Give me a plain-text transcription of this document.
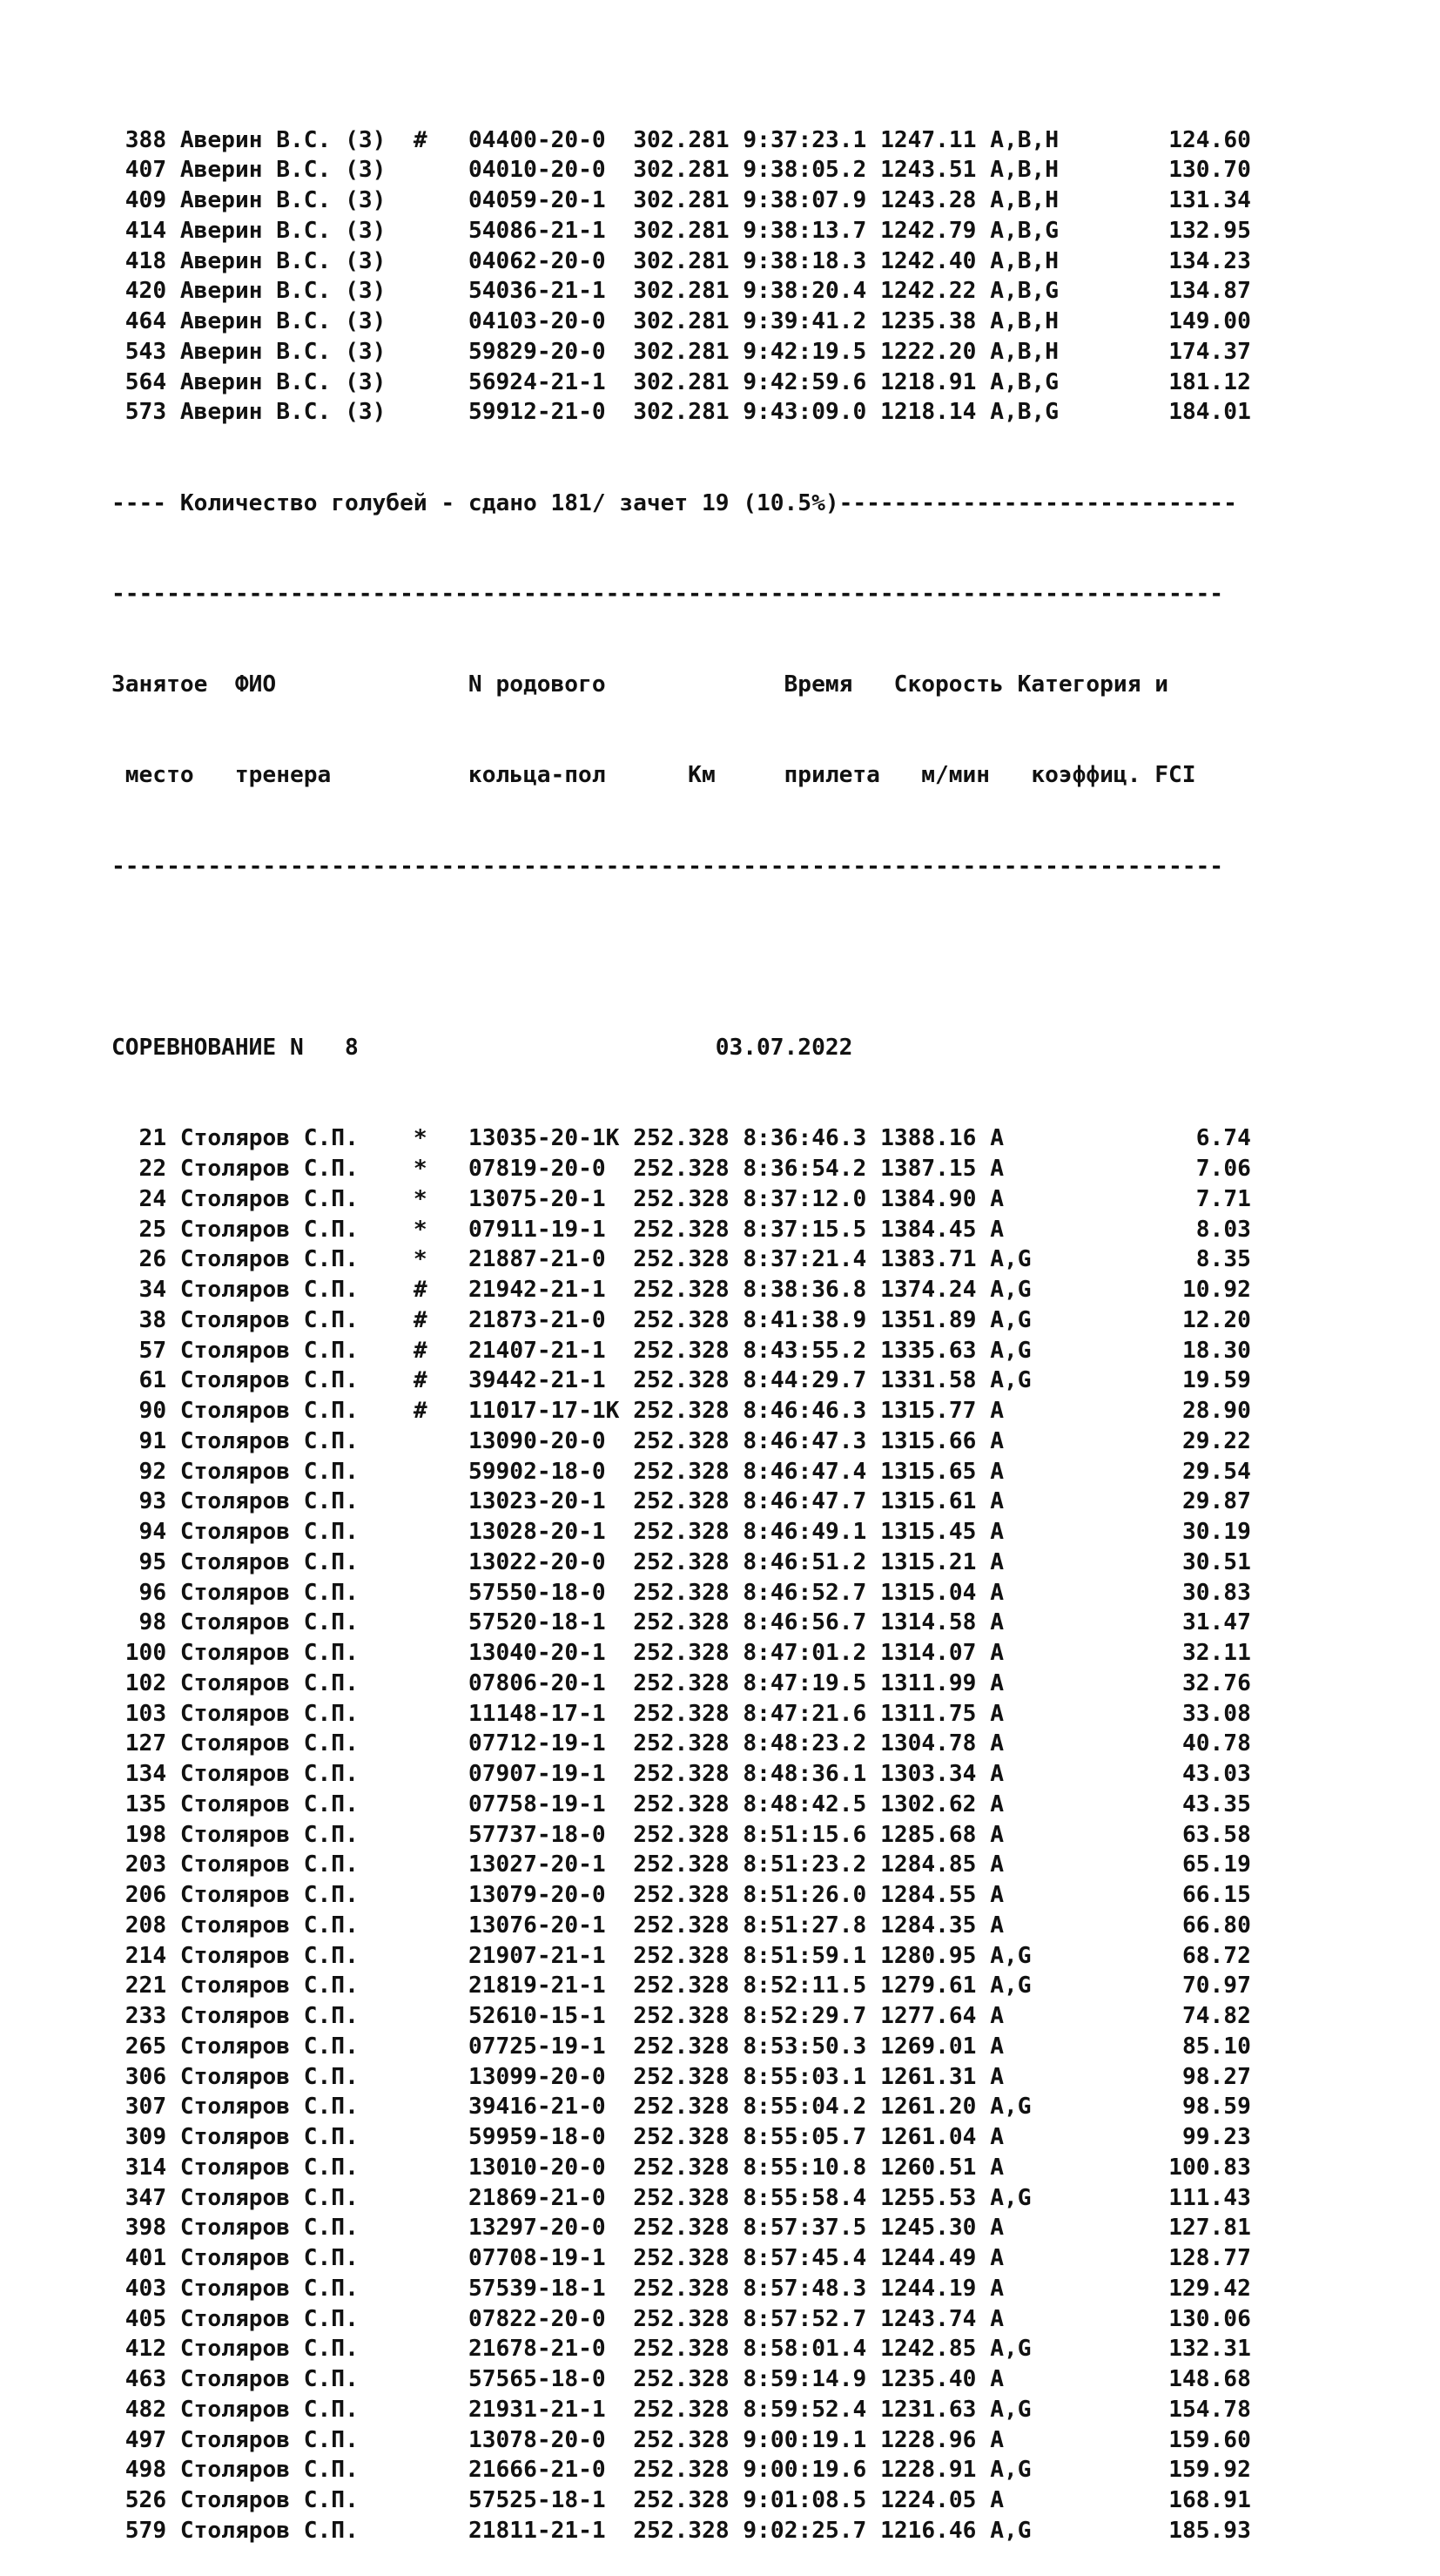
388 Аверин В.С. (З) # 04400-20-0 302.281 9:37:23.1 1247.11 A,B,H	124.60
407 Аверин В.С. (З)	04010-20-0 302.281 9:38:05.2 1243.51 A,B,H	130.70
409 Аверин В.С. (З)	04059-20-1 302.281 9:38:07.9 1243.28 A,B,H	131.34
414 Аверин В.С. (З)	54086-21-1 302.281 9:38:13.7 1242.79 A,B,G	132.95
418 Аверин В.С. (З)	04062-20-0 302.281 9:38:18.3 1242.40 A,B,H	134.23
420 Аверин В.С. (З)	54036-21-1 302.281 9:38:20.4 1242.22 A,B,G	134.87
464 Аверин В.С. (З)	04103-20-0 302.281 9:39:41.2 1235.38 A,B,H	149.00
543 Аверин В.С. (З)	59829-20-0 302.281 9:42:19.5 1222.20 A,B,H	174.37
564 Аверин В.С. (З)	56924-21-1 302.281 9:42:59.6 1218.91 A,B,G	181.12
573 Аверин В.С. (З)	59912-21-0 302.281 9:43:09.0 1218.14 A,B,G	184.01

---- Количество голубей - сдано 181/ зачет 19 (10.5%)-----------------------------

---------------------------------------------------------------------------------

Занятое  ФИО              N родового             Время   Скорость Категория и

место   тренера          кольца-пол      Км     прилета   м/мин   коэффиц. FCI

---------------------------------------------------------------------------------

СОРЕВНОВАНИЕ N   8                          03.07.2022

21 Столяров С.П. * 13035-20-1K 252.328 8:36:46.3 1388.16 A	6.74
22 Столяров С.П. * 07819-20-0 252.328 8:36:54.2 1387.15 A	7.06
24 Столяров С.П. * 13075-20-1 252.328 8:37:12.0 1384.90 A	7.71
25 Столяров С.П. * 07911-19-1 252.328 8:37:15.5 1384.45 A	8.03
26 Столяров С.П. * 21887-21-0 252.328 8:37:21.4 1383.71 A,G	8.35
34 Столяров С.П. # 21942-21-1 252.328 8:38:36.8 1374.24 A,G	10.92
38 Столяров С.П. # 21873-21-0 252.328 8:41:38.9 1351.89 A,G	12.20
57 Столяров С.П. # 21407-21-1 252.328 8:43:55.2 1335.63 A,G	18.30
61 Столяров С.П. # 39442-21-1 252.328 8:44:29.7 1331.58 A,G	19.59
90 Столяров С.П. # 11017-17-1K 252.328 8:46:46.3 1315.77 A	28.90
91 Столяров С.П.	13090-20-0 252.328 8:46:47.3 1315.66 A	29.22
92 Столяров С.П.	59902-18-0 252.328 8:46:47.4 1315.65 A	29.54
93 Столяров С.П.	13023-20-1 252.328 8:46:47.7 1315.61 A	29.87
94 Столяров С.П.	13028-20-1 252.328 8:46:49.1 1315.45 A	30.19
95 Столяров С.П.	13022-20-0 252.328 8:46:51.2 1315.21 A	30.51
96 Столяров С.П.	57550-18-0 252.328 8:46:52.7 1315.04 A	30.83
98 Столяров С.П.	57520-18-1 252.328 8:46:56.7 1314.58 A	31.47
100 Столяров С.П.	13040-20-1 252.328 8:47:01.2 1314.07 A	32.11
102 Столяров С.П.	07806-20-1 252.328 8:47:19.5 1311.99 A	32.76
103 Столяров С.П.	11148-17-1 252.328 8:47:21.6 1311.75 A	33.08
127 Столяров С.П.	07712-19-1 252.328 8:48:23.2 1304.78 A	40.78
134 Столяров С.П.	07907-19-1 252.328 8:48:36.1 1303.34 A	43.03
135 Столяров С.П.	07758-19-1 252.328 8:48:42.5 1302.62 A	43.35
198 Столяров С.П.	57737-18-0 252.328 8:51:15.6 1285.68 A	63.58
203 Столяров С.П.	13027-20-1 252.328 8:51:23.2 1284.85 A	65.19
206 Столяров С.П.	13079-20-0 252.328 8:51:26.0 1284.55 A	66.15
208 Столяров С.П.	13076-20-1 252.328 8:51:27.8 1284.35 A	66.80
214 Столяров С.П.	21907-21-1 252.328 8:51:59.1 1280.95 A,G	68.72
221 Столяров С.П.	21819-21-1 252.328 8:52:11.5 1279.61 A,G	70.97
233 Столяров С.П.	52610-15-1 252.328 8:52:29.7 1277.64 A	74.82
265 Столяров С.П.	07725-19-1 252.328 8:53:50.3 1269.01 A	85.10
306 Столяров С.П.	13099-20-0 252.328 8:55:03.1 1261.31 A	98.27
307 Столяров С.П.	39416-21-0 252.328 8:55:04.2 1261.20 A,G	98.59
309 Столяров С.П.	59959-18-0 252.328 8:55:05.7 1261.04 A	99.23
314 Столяров С.П.	13010-20-0 252.328 8:55:10.8 1260.51 A	100.83
347 Столяров С.П.	21869-21-0 252.328 8:55:58.4 1255.53 A,G	111.43
398 Столяров С.П.	13297-20-0 252.328 8:57:37.5 1245.30 A	127.81
401 Столяров С.П.	07708-19-1 252.328 8:57:45.4 1244.49 A	128.77
403 Столяров С.П.	57539-18-1 252.328 8:57:48.3 1244.19 A	129.42
405 Столяров С.П.	07822-20-0 252.328 8:57:52.7 1243.74 A	130.06
412 Столяров С.П.	21678-21-0 252.328 8:58:01.4 1242.85 A,G	132.31
463 Столяров С.П.	57565-18-0 252.328 8:59:14.9 1235.40 A	148.68
482 Столяров С.П.	21931-21-1 252.328 8:59:52.4 1231.63 A,G	154.78
497 Столяров С.П.	13078-20-0 252.328 9:00:19.1 1228.96 A	159.60
498 Столяров С.П.	21666-21-0 252.328 9:00:19.6 1228.91 A,G	159.92
526 Столяров С.П.	57525-18-1 252.328 9:01:08.5 1224.05 A	168.91
579 Столяров С.П.	21811-21-1 252.328 9:02:25.7 1216.46 A,G	185.93
